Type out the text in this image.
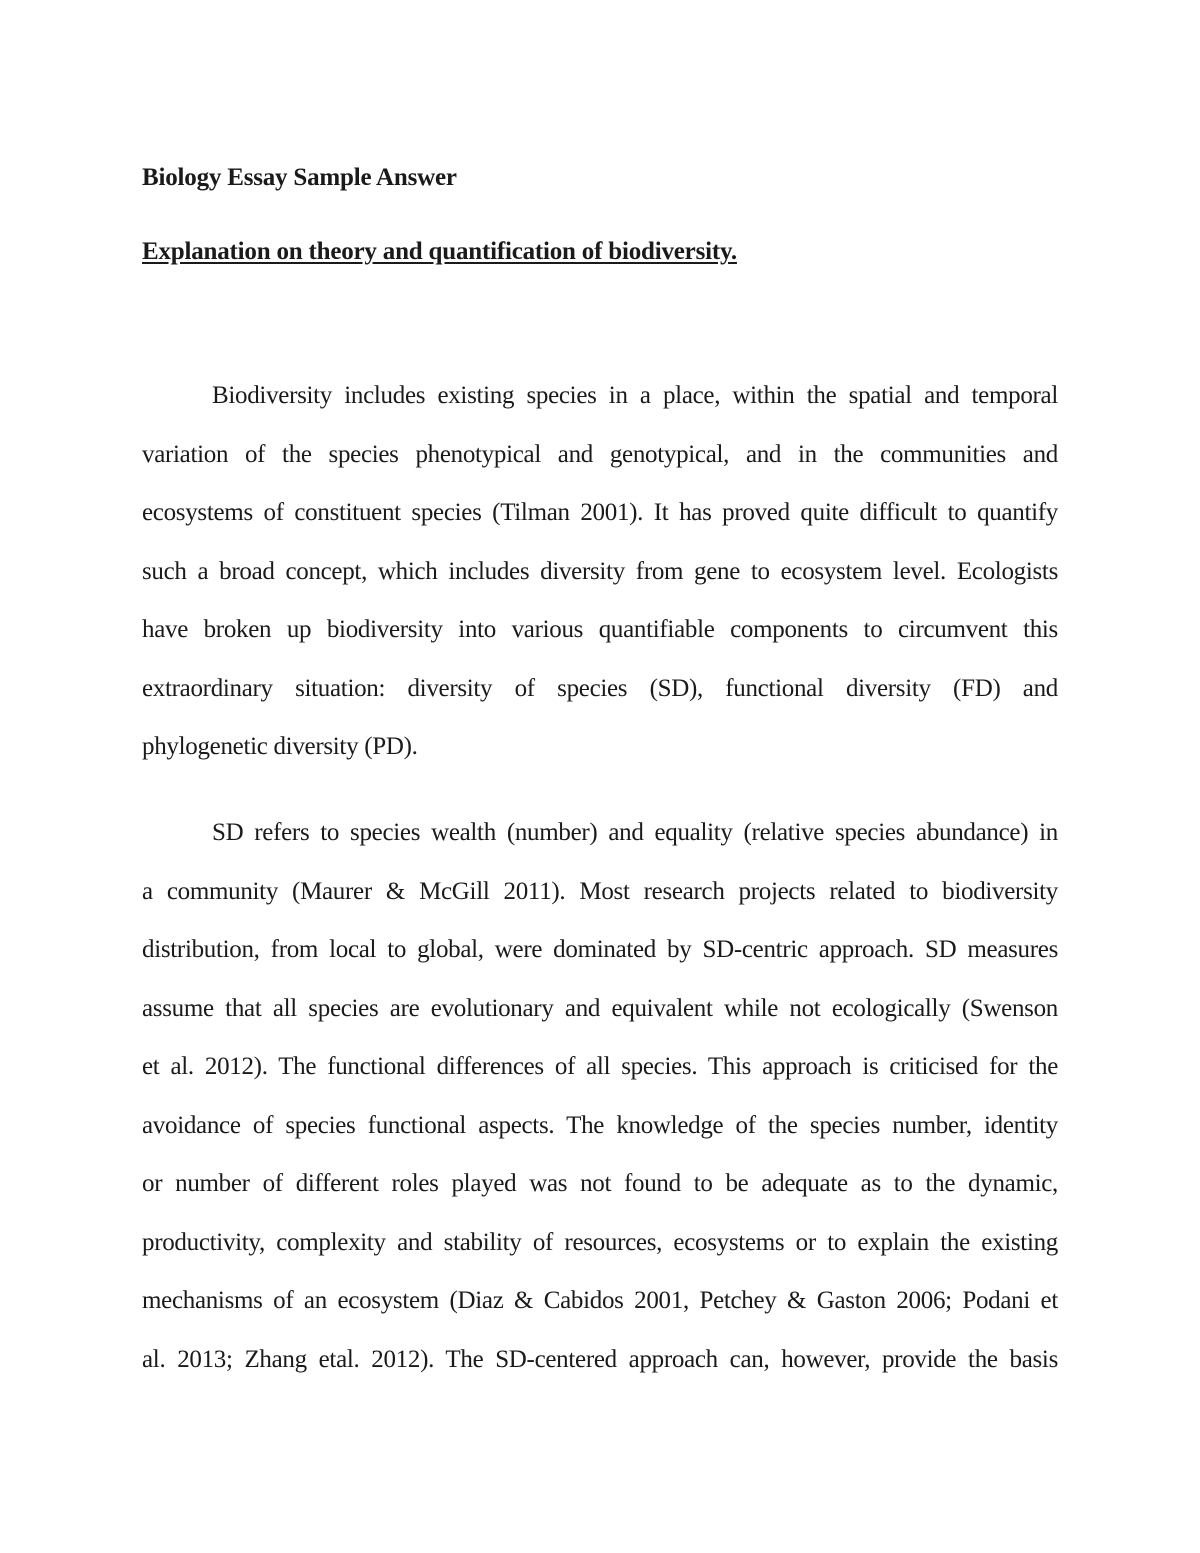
Biology Essay Sample Answer
Explanation on theory and quantification of biodiversity.
Biodiversity includes existing species in a place, within the spatial and temporal
variation of the species phenotypical and genotypical, and in the communities and
ecosystems of constituent species (Tilman 2001). It has proved quite difficult to quantify
such a broad concept, which includes diversity from gene to ecosystem level. Ecologists
have broken up biodiversity into various quantifiable components to circumvent this
extraordinary situation: diversity of species (SD), functional diversity (FD) and
phylogenetic diversity (PD).
SD refers to species wealth (number) and equality (relative species abundance) in
a community (Maurer & McGill 2011). Most research projects related to biodiversity
distribution, from local to global, were dominated by SD-centric approach. SD measures
assume that all species are evolutionary and equivalent while not ecologically (Swenson
et al. 2012). The functional differences of all species. This approach is criticised for the
avoidance of species functional aspects. The knowledge of the species number, identity
or number of different roles played was not found to be adequate as to the dynamic,
productivity, complexity and stability of resources, ecosystems or to explain the existing
mechanisms of an ecosystem (Diaz & Cabidos 2001, Petchey & Gaston 2006; Podani et
al. 2013; Zhang etal. 2012). The SD-centered approach can, however, provide the basis
